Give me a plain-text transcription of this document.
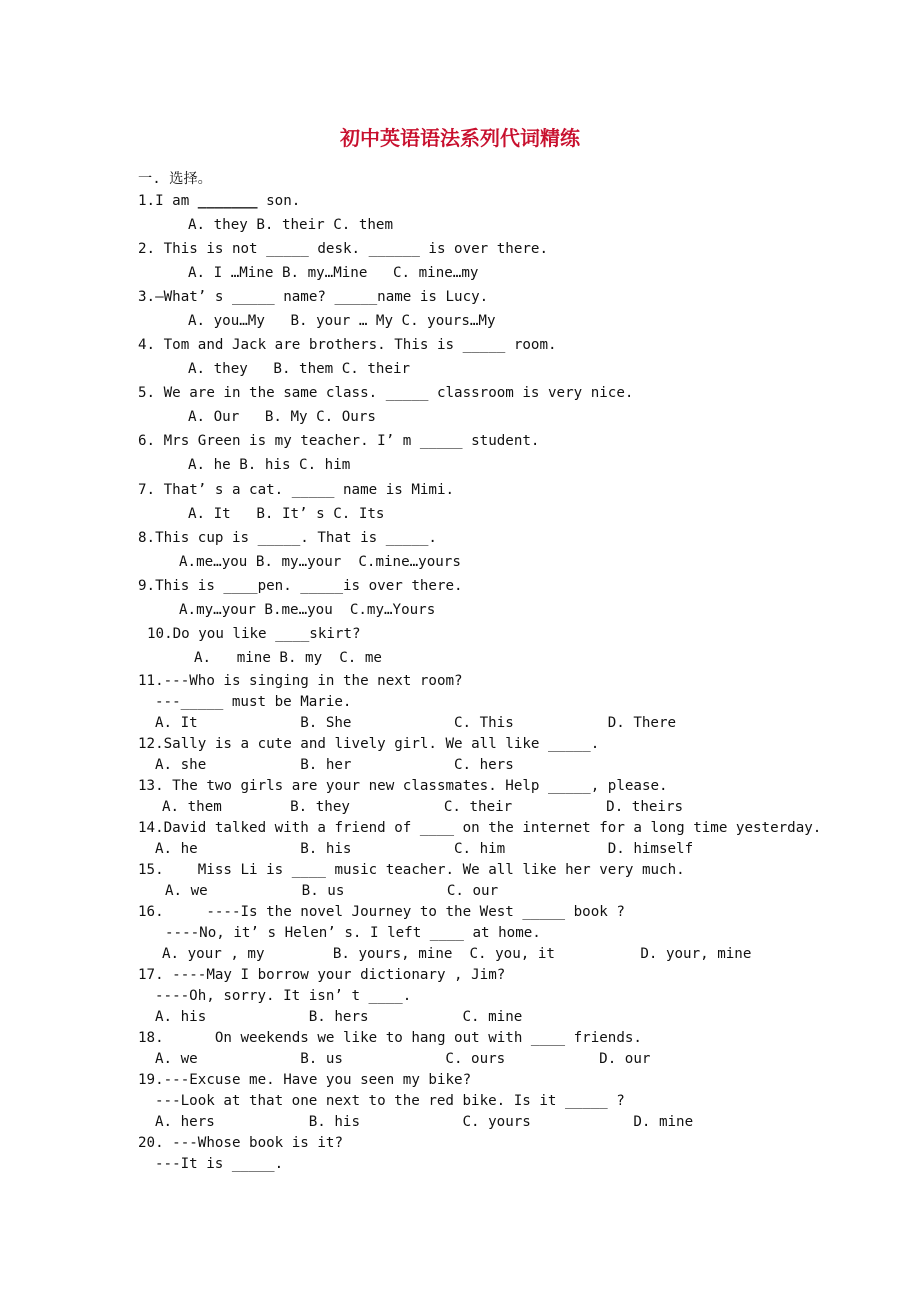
初中英语语法系列代词精练
一. 选择。
1.I am _______ son.
A. they B. their C. them
2. This is not _____ desk. ______ is over there.
A. I …Mine B. my…Mine   C. mine…my
3.—What’ s _____ name? _____name is Lucy.
A. you…My   B. your … My C. yours…My
4. Tom and Jack are brothers. This is _____ room.
A. they   B. them C. their
5. We are in the same class. _____ classroom is very nice.
A. Our   B. My C. Ours
6. Mrs Green is my teacher. I’ m _____ student.
A. he B. his C. him
7. That’ s a cat. _____ name is Mimi.
A. It   B. It’ s C. Its
8.This cup is _____. That is _____.
A.me…you B. my…your  C.mine…yours
9.This is ____pen. _____is over there.
A.my…your B.me…you  C.my…Yours
10.Do you like ____skirt?
A.   mine B. my  C. me
11.---Who is singing in the next room?
---_____ must be Marie.
A. It            B. She            C. This           D. There
12.Sally is a cute and lively girl. We all like _____.
A. she           B. her            C. hers
13. The two girls are your new classmates. Help _____, please.
A. them        B. they           C. their           D. theirs
14.David talked with a friend of ____ on the internet for a long time yesterday.
A. he            B. his            C. him            D. himself
15.    Miss Li is ____ music teacher. We all like her very much.
A. we           B. us            C. our
16.     ----Is the novel Journey to the West _____ book ?
----No, it’ s Helen’ s. I left ____ at home.
A. your , my        B. yours, mine  C. you, it          D. your, mine
17. ----May I borrow your dictionary , Jim?
----Oh, sorry. It isn’ t ____.
A. his            B. hers           C. mine
18.      On weekends we like to hang out with ____ friends.
A. we            B. us            C. ours           D. our
19.---Excuse me. Have you seen my bike?
---Look at that one next to the red bike. Is it _____ ?
A. hers           B. his            C. yours            D. mine
20. ---Whose book is it?
---It is _____.
